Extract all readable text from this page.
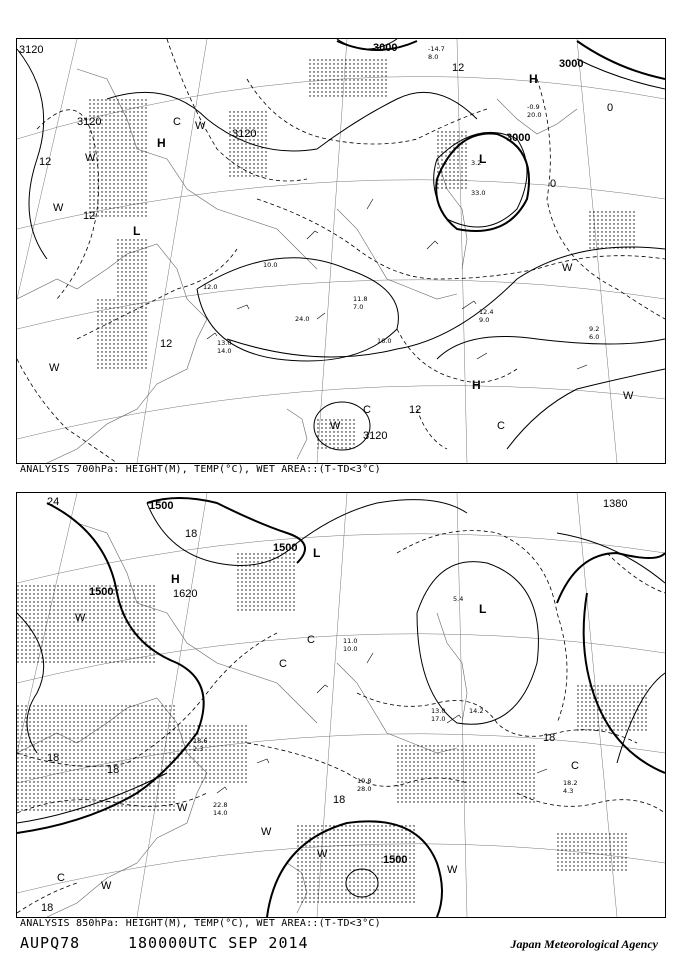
3000
3000
3000
3120
3120
3120
3120
12
12
12
12
12
0
0
H
H
H
L
L
W
W
W
W
W
W
W
C
C
C
13.0
14.0
12.0
24.0
16.0
10.0
12.4
9.0
9.2
6.0
11.8
7.0
3.2
33.0
-14.7
8.0
-0.9
20.0
ANALYSIS 700hPa: HEIGHT(M), TEMP(°C), WET AREA::(T-TD<3°C)
1500
1500
1500
1500
1380
1620
24
18
18
18
18
18
18
H
L
L
W
W
W
W
W
W
C
C
C
C
13.0
17.0
14.2
5.4
11.0
10.0
18.6
2.3
22.8
14.0
18.2
4.3
19.8
28.0
ANALYSIS 850hPa: HEIGHT(M), TEMP(°C), WET AREA::(T-TD<3°C)
AUPQ78	180000UTC SEP 2014	Japan Meteorological Agency
